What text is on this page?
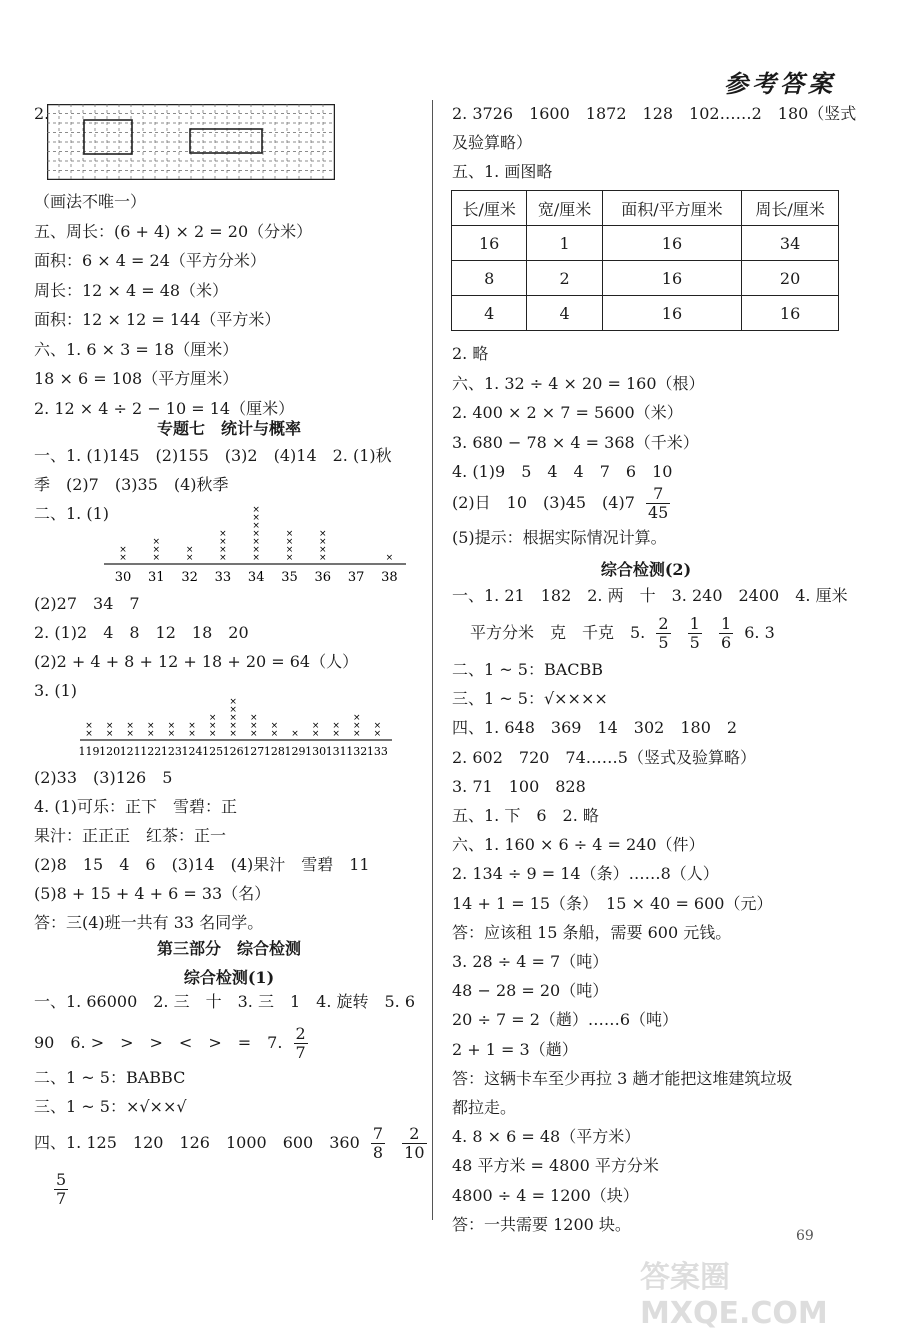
参考答案
2.
（画法不唯一）
五、周长：(6 + 4) × 2 = 20（分米）
面积：6 × 4 = 24（平方分米）
周长：12 × 4 = 48（米）
面积：12 × 12 = 144（平方米）
六、1. 6 × 3 = 18（厘米）
18 × 6 = 108（平方厘米）
2. 12 × 4 ÷ 2 − 10 = 14（厘米）
专题七　统计与概率
一、1. (1)145　(2)155　(3)2　(4)14　2. (1)秋
季　(2)7　(3)35　(4)秋季
二、1. (1)
30
×
×
31
×
×
×
32
×
×
33
×
×
×
×
34
×
×
×
×
×
×
×
35
×
×
×
×
36
×
×
×
×
37 38
×
(2)27　34　7
2. (1)2　4　8　12　18　20
(2)2 + 4 + 8 + 12 + 18 + 20 = 64（人）
3. (1)
119
×
×
120
×
×
121
×
×
122
×
×
123
×
×
124
×
×
125
×
×
×
126
×
×
×
×
×
127
×
×
×
128
×
×
129
×
130
×
×
131
×
×
132
×
×
×
133
×
×
(2)33　(3)126　5
4. (1)可乐：正下　雪碧：正
果汁：正正正　红茶：正一
(2)8　15　4　6　(3)14　(4)果汁　雪碧　11
(5)8 + 15 + 4 + 6 = 33（名）
答：三(4)班一共有 33 名同学。
第三部分　综合检测
综合检测(1)
一、1. 66000　2. 三　十　3. 三　1　4. 旋转　5. 6
90　6. >　>　>　<　>　=　7. $\frac{2}{7}$
二、1 ~ 5：BABBC
三、1 ~ 5：×√××√
四、1. 125　120　126　1000　600　$360 \frac{7}{8}$
$\frac{2}{10}$
$\frac{5}{7}$
2. 3726　1600　1872　128　102……2　180（竖式
及验算略）
五、1. 画图略
长/厘米	宽/厘米	面积/平方厘米	周长/厘米
16	1	16	34
8	2	16	20
4	4	16	16
2. 略
六、1. 32 ÷ 4 × 20 = 160（根）
2. 400 × 2 × 7 = 5600（米）
3. 680 − 78 × 4 = 368（千米）
4. (1)9　5　4　4　7　6　10
(2)日　10　(3)45　$(4)7 \frac{7}{45}$
(5)提示：根据实际情况计算。
综合检测(2)
一、1. 21　182　2. 两　十　3. 240　2400　4. 厘米
平方分米　克　千克　5. $\frac{2}{5}$
$\frac{1}{5}$
$\frac{1}{6} 6$. 3
二、1 ~ 5：BACBB
三、1 ~ 5：√××××
四、1. 648　369　14　302　180　2
2. 602　720　74……5（竖式及验算略）
3. 71　100　828
五、1. 下　6　2. 略
六、1. 160 × 6 ÷ 4 = 240（件）
2. 134 ÷ 9 = 14（条）……8（人）
14 + 1 = 15（条）　15 × 40 = 600（元）
答：应该租 15 条船，需要 600 元钱。
3. 28 ÷ 4 = 7（吨）
48 − 28 = 20（吨）
20 ÷ 7 = 2（趟）……6（吨）
2 + 1 = 3（趟）
答：这辆卡车至少再拉 3 趟才能把这堆建筑垃圾
都拉走。
4. 8 × 6 = 48（平方米）
48 平方米 = 4800 平方分米
4800 ÷ 4 = 1200（块）
答：一共需要 1200 块。
69
答案圈 MXQE.COM
